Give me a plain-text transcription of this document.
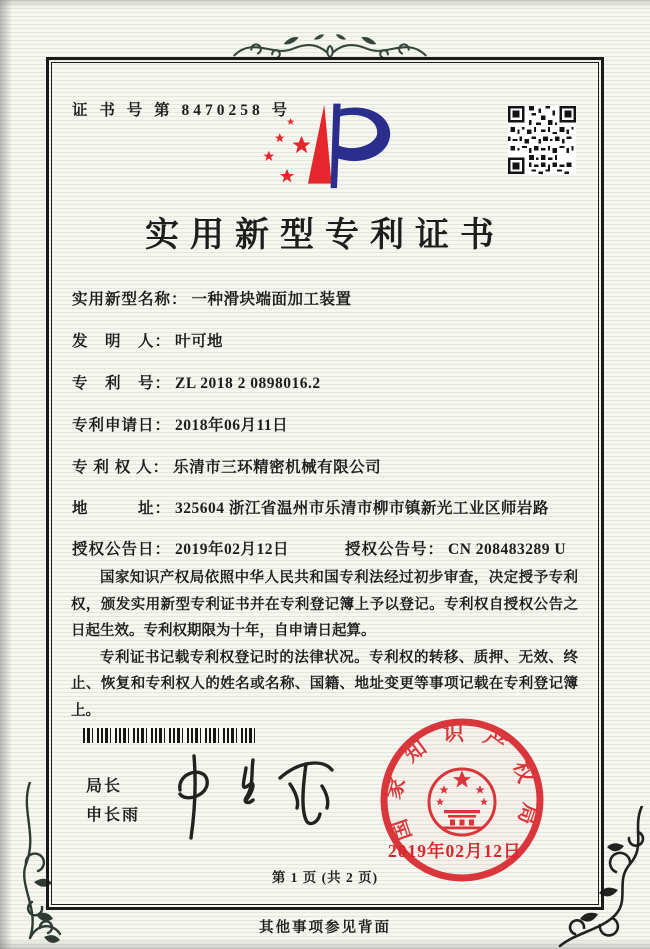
证 书 号 第 8470258 号
实用新型专利证书
实用新型名称： 一种滑块端面加工装置
发　明　人： 叶可地
专　利　号： ZL 2018 2 0898016.2
专利申请日： 2018年06月11日
专 利 权 人： 乐清市三环精密机械有限公司
地　　　址： 325604 浙江省温州市乐清市柳市镇新光工业区师岩路
授权公告日： 2019年02月12日	授权公告号： CN 208483289 U

国家知识产权局依照中华人民共和国专利法经过初步审查，决定授予专利权，颁发实用新型专利证书并在专利登记簿上予以登记。专利权自授权公告之日起生效。专利权期限为十年，自申请日起算。

专利证书记载专利权登记时的法律状况。专利权的转移、质押、无效、终止、恢复和专利权人的姓名或名称、国籍、地址变更等事项记载在专利登记簿上。

局长
申长雨	国家知识产权局
2019年02月12日
第 1 页 (共 2 页)
其他事项参见背面
